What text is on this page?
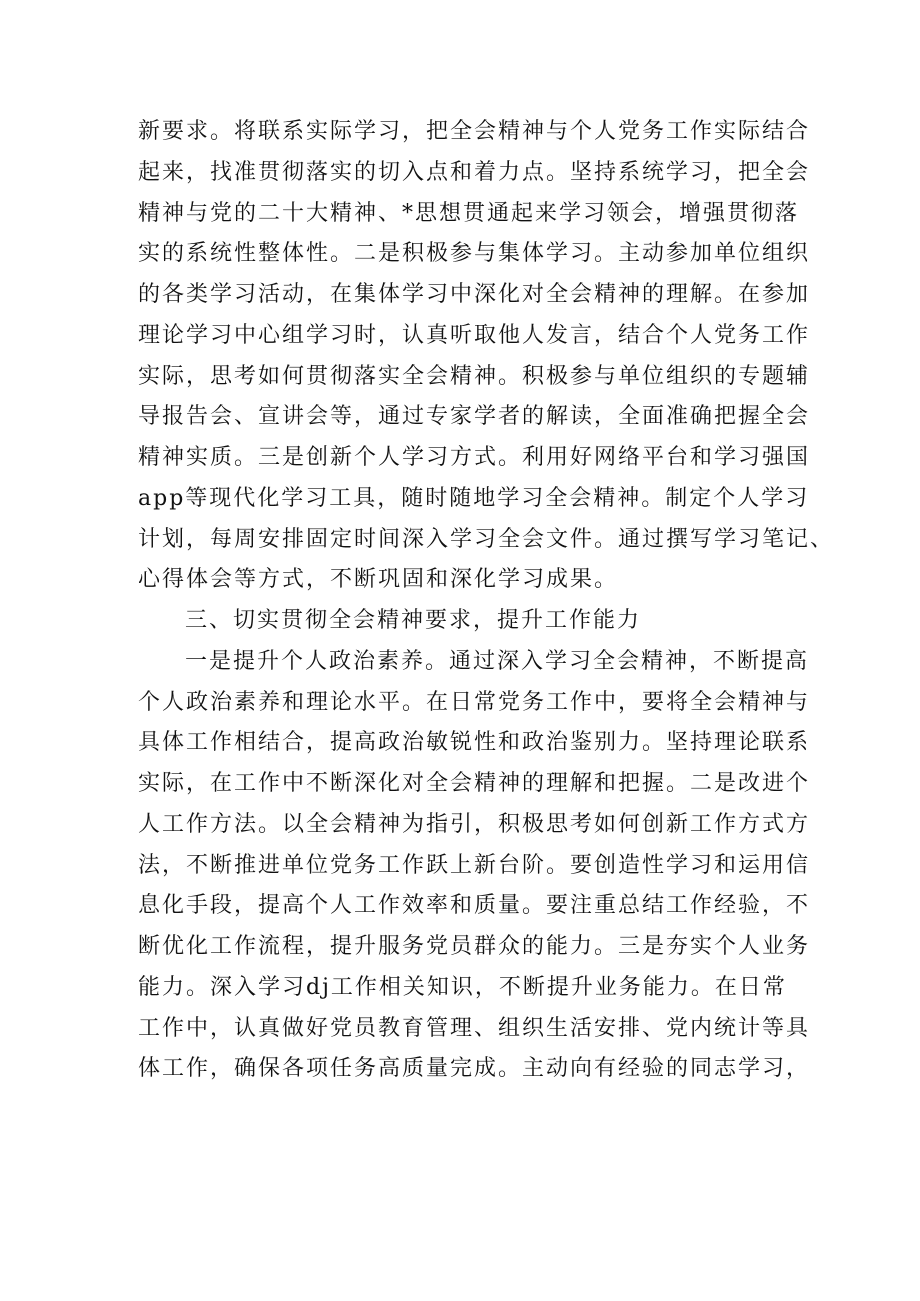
新要求。将联系实际学习，把全会精神与个人党务工作实际结合
起来，找准贯彻落实的切入点和着力点。坚持系统学习，把全会
精神与党的二十大精神、*思想贯通起来学习领会，增强贯彻落
实的系统性整体性。二是积极参与集体学习。主动参加单位组织
的各类学习活动，在集体学习中深化对全会精神的理解。在参加
理论学习中心组学习时，认真听取他人发言，结合个人党务工作
实际，思考如何贯彻落实全会精神。积极参与单位组织的专题辅
导报告会、宣讲会等，通过专家学者的解读，全面准确把握全会
精神实质。三是创新个人学习方式。利用好网络平台和学习强国
app等现代化学习工具，随时随地学习全会精神。制定个人学习
计划，每周安排固定时间深入学习全会文件。通过撰写学习笔记、
心得体会等方式，不断巩固和深化学习成果。
三、切实贯彻全会精神要求，提升工作能力
一是提升个人政治素养。通过深入学习全会精神，不断提高
个人政治素养和理论水平。在日常党务工作中，要将全会精神与
具体工作相结合，提高政治敏锐性和政治鉴别力。坚持理论联系
实际，在工作中不断深化对全会精神的理解和把握。二是改进个
人工作方法。以全会精神为指引，积极思考如何创新工作方式方
法，不断推进单位党务工作跃上新台阶。要创造性学习和运用信
息化手段，提高个人工作效率和质量。要注重总结工作经验，不
断优化工作流程，提升服务党员群众的能力。三是夯实个人业务
能力。深入学习dj工作相关知识，不断提升业务能力。在日常
工作中，认真做好党员教育管理、组织生活安排、党内统计等具
体工作，确保各项任务高质量完成。主动向有经验的同志学习，
